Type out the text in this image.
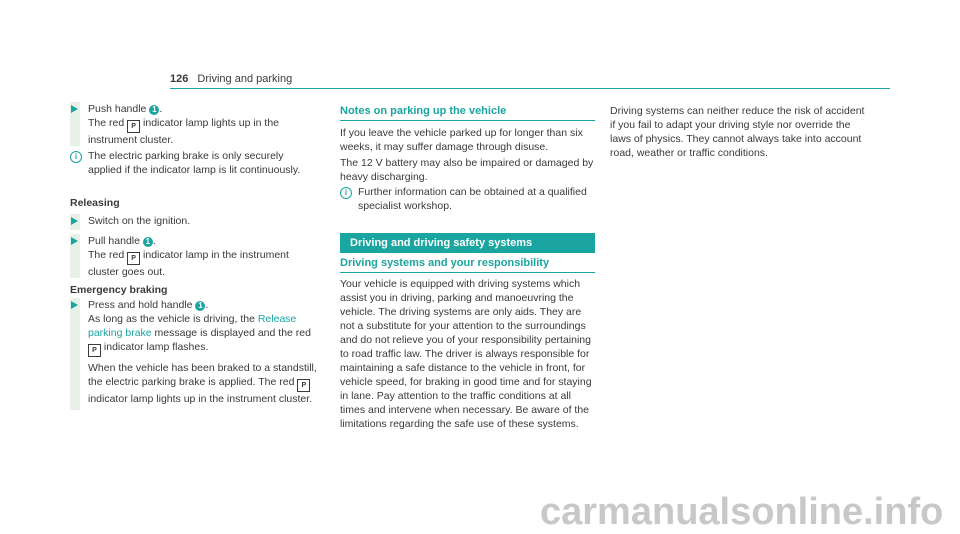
126 Driving and parking
Push handle 1 .
The red P indicator lamp lights up in the instrument cluster.
i	The electric parking brake is only securely applied if the indicator lamp is lit continuously.
Releasing
Switch on the ignition.
Pull handle 1 .
The red P indicator lamp in the instrument cluster goes out.
Emergency braking
Press and hold handle 1 .
As long as the vehicle is driving, the Release parking brake message is displayed and the red P indicator lamp flashes.
When the vehicle has been braked to a standstill, the electric parking brake is applied. The red P indicator lamp lights up in the instrument cluster.
Notes on parking up the vehicle

If you leave the vehicle parked up for longer than six weeks, it may suffer damage through disuse.

The 12 V battery may also be impaired or damaged by heavy discharging.

i	Further information can be obtained at a qualified specialist workshop.

Driving and driving safety systems
Driving systems and your responsibility

Your vehicle is equipped with driving systems which assist you in driving, parking and manoeuvring the vehicle. The driving systems are only aids. They are not a substitute for your attention to the surroundings and do not relieve you of your responsibility pertaining to road traffic law. The driver is always responsible for maintaining a safe distance to the vehicle in front, for vehicle speed, for braking in good time and for staying in lane. Pay attention to the traffic conditions at all times and intervene when necessary. Be aware of the limitations regarding the safe use of these systems.

Driving systems can neither reduce the risk of accident if you fail to adapt your driving style nor override the laws of physics. They cannot always take into account road, weather or traffic conditions.

carmanualsonline.info
